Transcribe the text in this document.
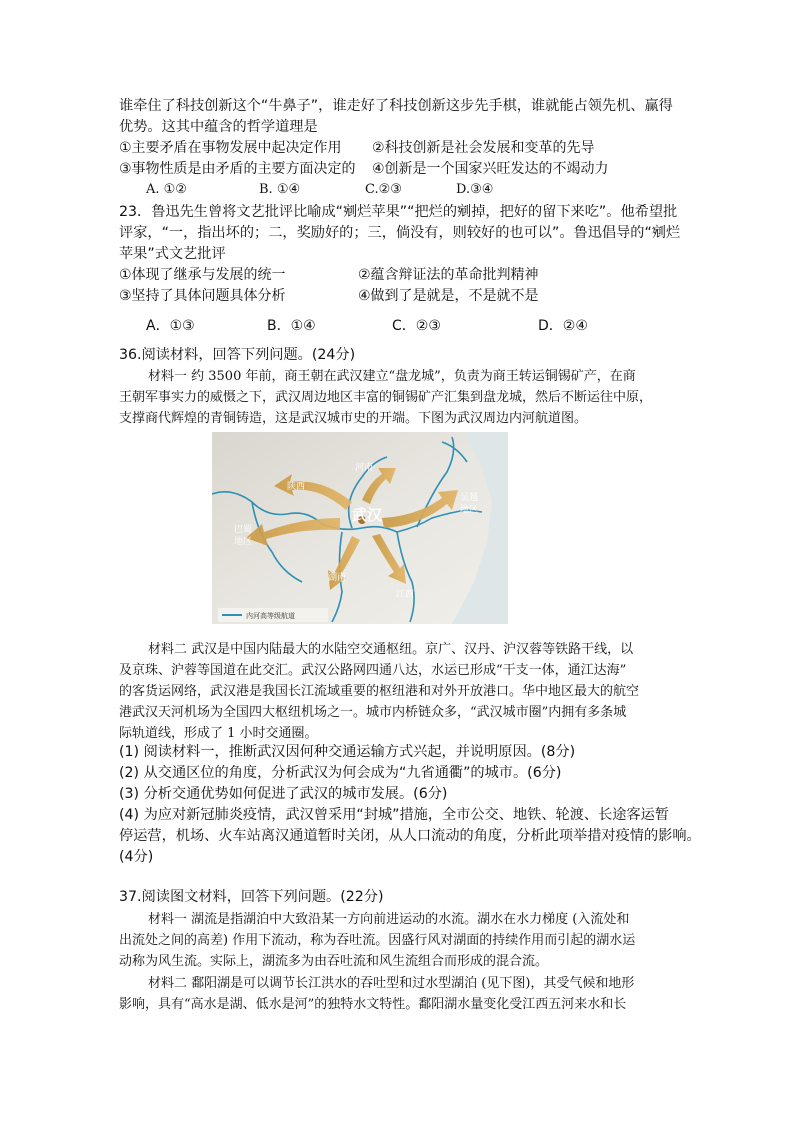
谁牵住了科技创新这个“牛鼻子”，谁走好了科技创新这步先手棋，谁就能占领先机、赢得
优势。这其中蕴含的哲学道理是
①主要矛盾在事物发展中起决定作用 ②科技创新是社会发展和变革的先导
③事物性质是由矛盾的主要方面决定的 ④创新是一个国家兴旺发达的不竭动力
A. ①②	B. ①④	C.②③	D.③④
23．鲁迅先生曾将文艺批评比喻成“剜烂苹果”“把烂的剜掉，把好的留下来吃”。他希望批
评家，“一，指出坏的；二，奖励好的；三，倘没有，则较好的也可以”。鲁迅倡导的“剜烂
苹果”式文艺批评
①体现了继承与发展的统一	②蕴含辩证法的革命批判精神
③坚持了具体问题具体分析	④做到了是就是，不是就不是
A．①③	B．①④	C．②③	D．②④
36.阅读材料，回答下列问题。(24分)
材料一 约 3500 年前，商王朝在武汉建立“盘龙城”，负责为商王转运铜锡矿产，在商
王朝军事实力的威慑之下，武汉周边地区丰富的铜锡矿产汇集到盘龙城，然后不断运往中原，
支撑商代辉煌的青铜铸造，这是武汉城市史的开端。下图为武汉周边内河航道图。
武汉
陕西
河南
巴蜀
地区
吴越
地区
湖南
江西
内河高等级航道
材料二 武汉是中国内陆最大的水陆空交通枢纽。京广、汉丹、沪汉蓉等铁路干线，以
及京珠、沪蓉等国道在此交汇。武汉公路网四通八达，水运已形成“干支一体，通江达海”
的客货运网络，武汉港是我国长江流域重要的枢纽港和对外开放港口。华中地区最大的航空
港武汉天河机场为全国四大枢纽机场之一。城市内桥链众多，“武汉城市圈”内拥有多条城
际轨道线，形成了 1 小时交通圈。
(1) 阅读材料一，推断武汉因何种交通运输方式兴起，并说明原因。(8分)
(2) 从交通区位的角度，分析武汉为何会成为“九省通衢”的城市。(6分)
(3) 分析交通优势如何促进了武汉的城市发展。(6分)
(4) 为应对新冠肺炎疫情，武汉曾采用“封城”措施，全市公交、地铁、轮渡、长途客运暂
停运营，机场、火车站离汉通道暂时关闭，从人口流动的角度，分析此项举措对疫情的影响。
(4分)
37.阅读图文材料，回答下列问题。(22分)
材料一 湖流是指湖泊中大致沿某一方向前进运动的水流。湖水在水力梯度 (入流处和
出流处之间的高差) 作用下流动，称为吞吐流。因盛行风对湖面的持续作用而引起的湖水运
动称为风生流。实际上，湖流多为由吞吐流和风生流组合而形成的混合流。
材料二 鄱阳湖是可以调节长江洪水的吞吐型和过水型湖泊 (见下图)，其受气候和地形
影响，具有“高水是湖、低水是河”的独特水文特性。鄱阳湖水量变化受江西五河来水和长
